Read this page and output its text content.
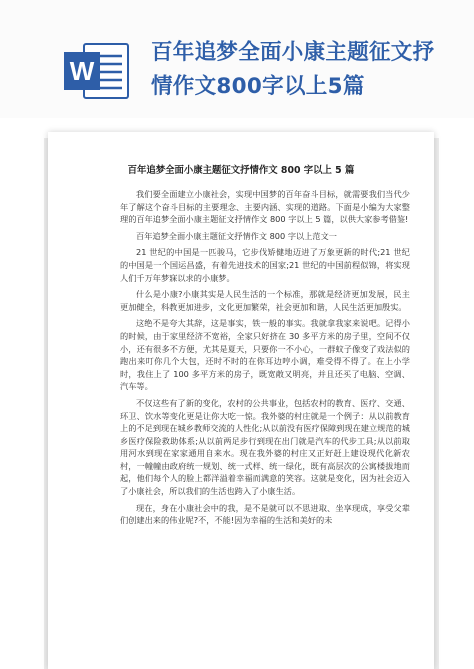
W
百年追梦全面小康主题征文抒
情作文800字以上5篇
百年追梦全面小康主题征文抒情作文 800 字以上 5 篇

我们要全面建立小康社会，实现中国梦的百年奋斗目标，就需要我们当代少年了解这个奋斗目标的主要理念、主要内涵、实现的道路。下面是小编为大家整理的百年追梦全面小康主题征文抒情作文 800 字以上 5 篇，以供大家参考借鉴!

百年追梦全面小康主题征文抒情作文 800 字以上范文一

21 世纪的中国是一匹骏马，它步伐矫健地迈进了万象更新的时代;21 世纪的中国是一个国运昌盛，有着先进技术的国家;21 世纪的中国前程似锦，将实现人们千万年梦寐以求的小康梦。

什么是小康?小康其实是人民生活的一个标准，那就是经济更加发展，民主更加健全，科教更加进步，文化更加繁荣，社会更加和谐，人民生活更加殷实。

这绝不是夸大其辞，这是事实，铁一般的事实。我就拿我家来说吧。记得小的时候，由于家里经济不宽裕，全家只好挤在 30 多平方米的房子里，空间不仅小，还有很多不方便，尤其是夏天，只要你一不小心，一群蚊子像变了戏法似的跑出来叮你几个大包，还时不时的在你耳边哼小调，难受得不得了。在上小学时，我住上了 100 多平方米的房子，既宽敞又明亮，并且还买了电脑、空调、汽车等。

不仅这些有了新的变化，农村的公共事业，包括农村的教育、医疗、交通、环卫、饮水等变化更是让你大吃一惊。我外婆的村庄就是一个例子：从以前教育上的不足到现在城乡教师交流的人性化;从以前没有医疗保障到现在建立规范的城乡医疗保险救助体系;从以前两足步行到现在出门就是汽车的代步工具;从以前取用河水到现在家家通用自来水。现在我外婆的村庄又正好赶上建设现代化新农村，一幢幢由政府统一规划、统一式样、统一绿化，既有高层次的公寓楼拔地而起，他们每个人的脸上都洋溢着幸福而满意的笑容。这就是变化，因为社会迈入了小康社会，所以我们的生活也跨入了小康生活。

现在，身在小康社会中的我，是不是就可以不思进取、坐享现成，享受父辈们创建出来的伟业呢?不，不能!因为幸福的生活和美好的未
